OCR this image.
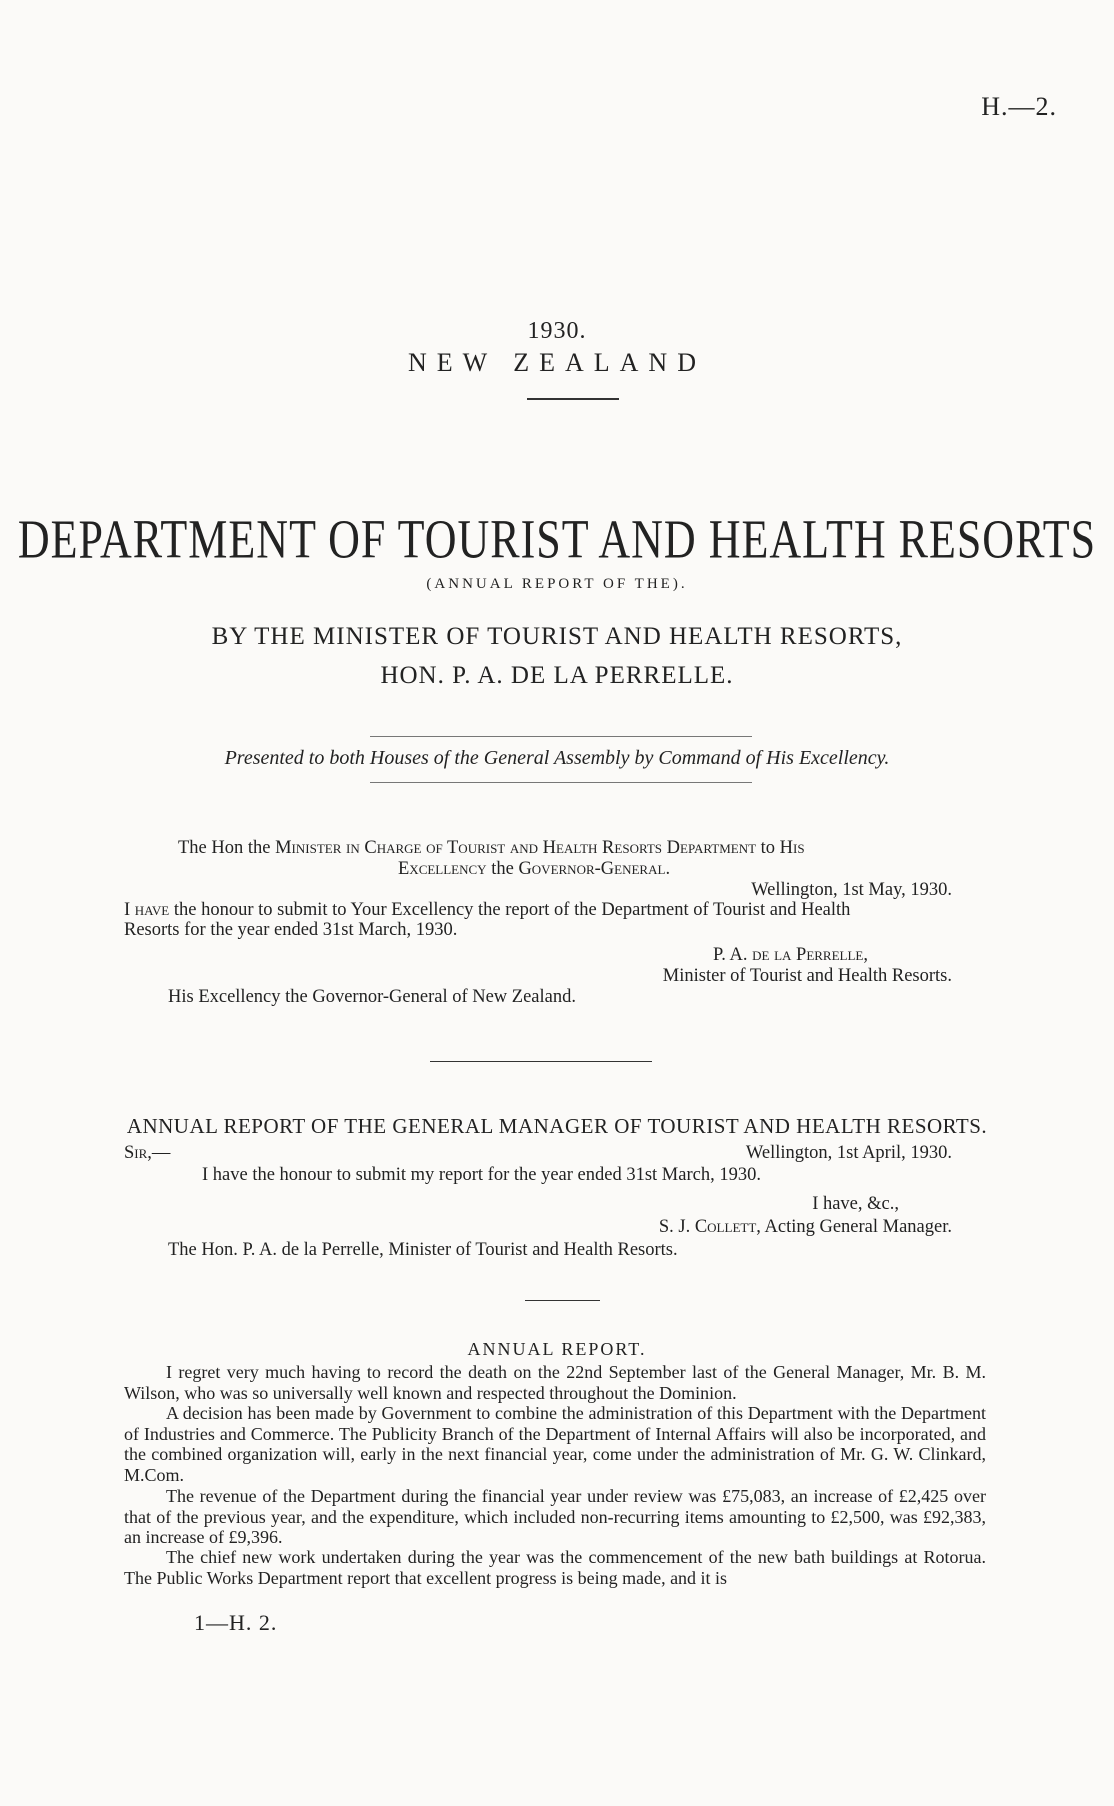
H.—2.
1930.
NEW ZEALAND
DEPARTMENT OF TOURIST AND HEALTH RESORTS
(ANNUAL REPORT OF THE).
BY THE MINISTER OF TOURIST AND HEALTH RESORTS,
HON. P. A. DE LA PERRELLE.
Presented to both Houses of the General Assembly by Command of His Excellency.
The Hon the Minister in Charge of Tourist and Health Resorts Department to His
Excellency the Governor-General.
Wellington, 1st May, 1930.
I have the honour to submit to Your Excellency the report of the Department of Tourist and Health
Resorts for the year ended 31st March, 1930.
P. A. de la Perrelle,
Minister of Tourist and Health Resorts.
His Excellency the Governor-General of New Zealand.
ANNUAL REPORT OF THE GENERAL MANAGER OF TOURIST AND HEALTH RESORTS.
Sir,—	Wellington, 1st April, 1930.
I have the honour to submit my report for the year ended 31st March, 1930.
I have, &c.,
S. J. Collett, Acting General Manager.
The Hon. P. A. de la Perrelle, Minister of Tourist and Health Resorts.
ANNUAL REPORT.
I regret very much having to record the death on the 22nd September last of the General Manager, Mr. B. M. Wilson, who was so universally well known and respected throughout the Dominion.
A decision has been made by Government to combine the administration of this Department with the Department of Industries and Commerce. The Publicity Branch of the Department of Internal Affairs will also be incorporated, and the combined organization will, early in the next financial year, come under the administration of Mr. G. W. Clinkard, M.Com.
The revenue of the Department during the financial year under review was £75,083, an increase of £2,425 over that of the previous year, and the expenditure, which included non-recurring items amounting to £2,500, was £92,383, an increase of £9,396.
The chief new work undertaken during the year was the commencement of the new bath buildings at Rotorua. The Public Works Department report that excellent progress is being made, and it is
1—H. 2.
